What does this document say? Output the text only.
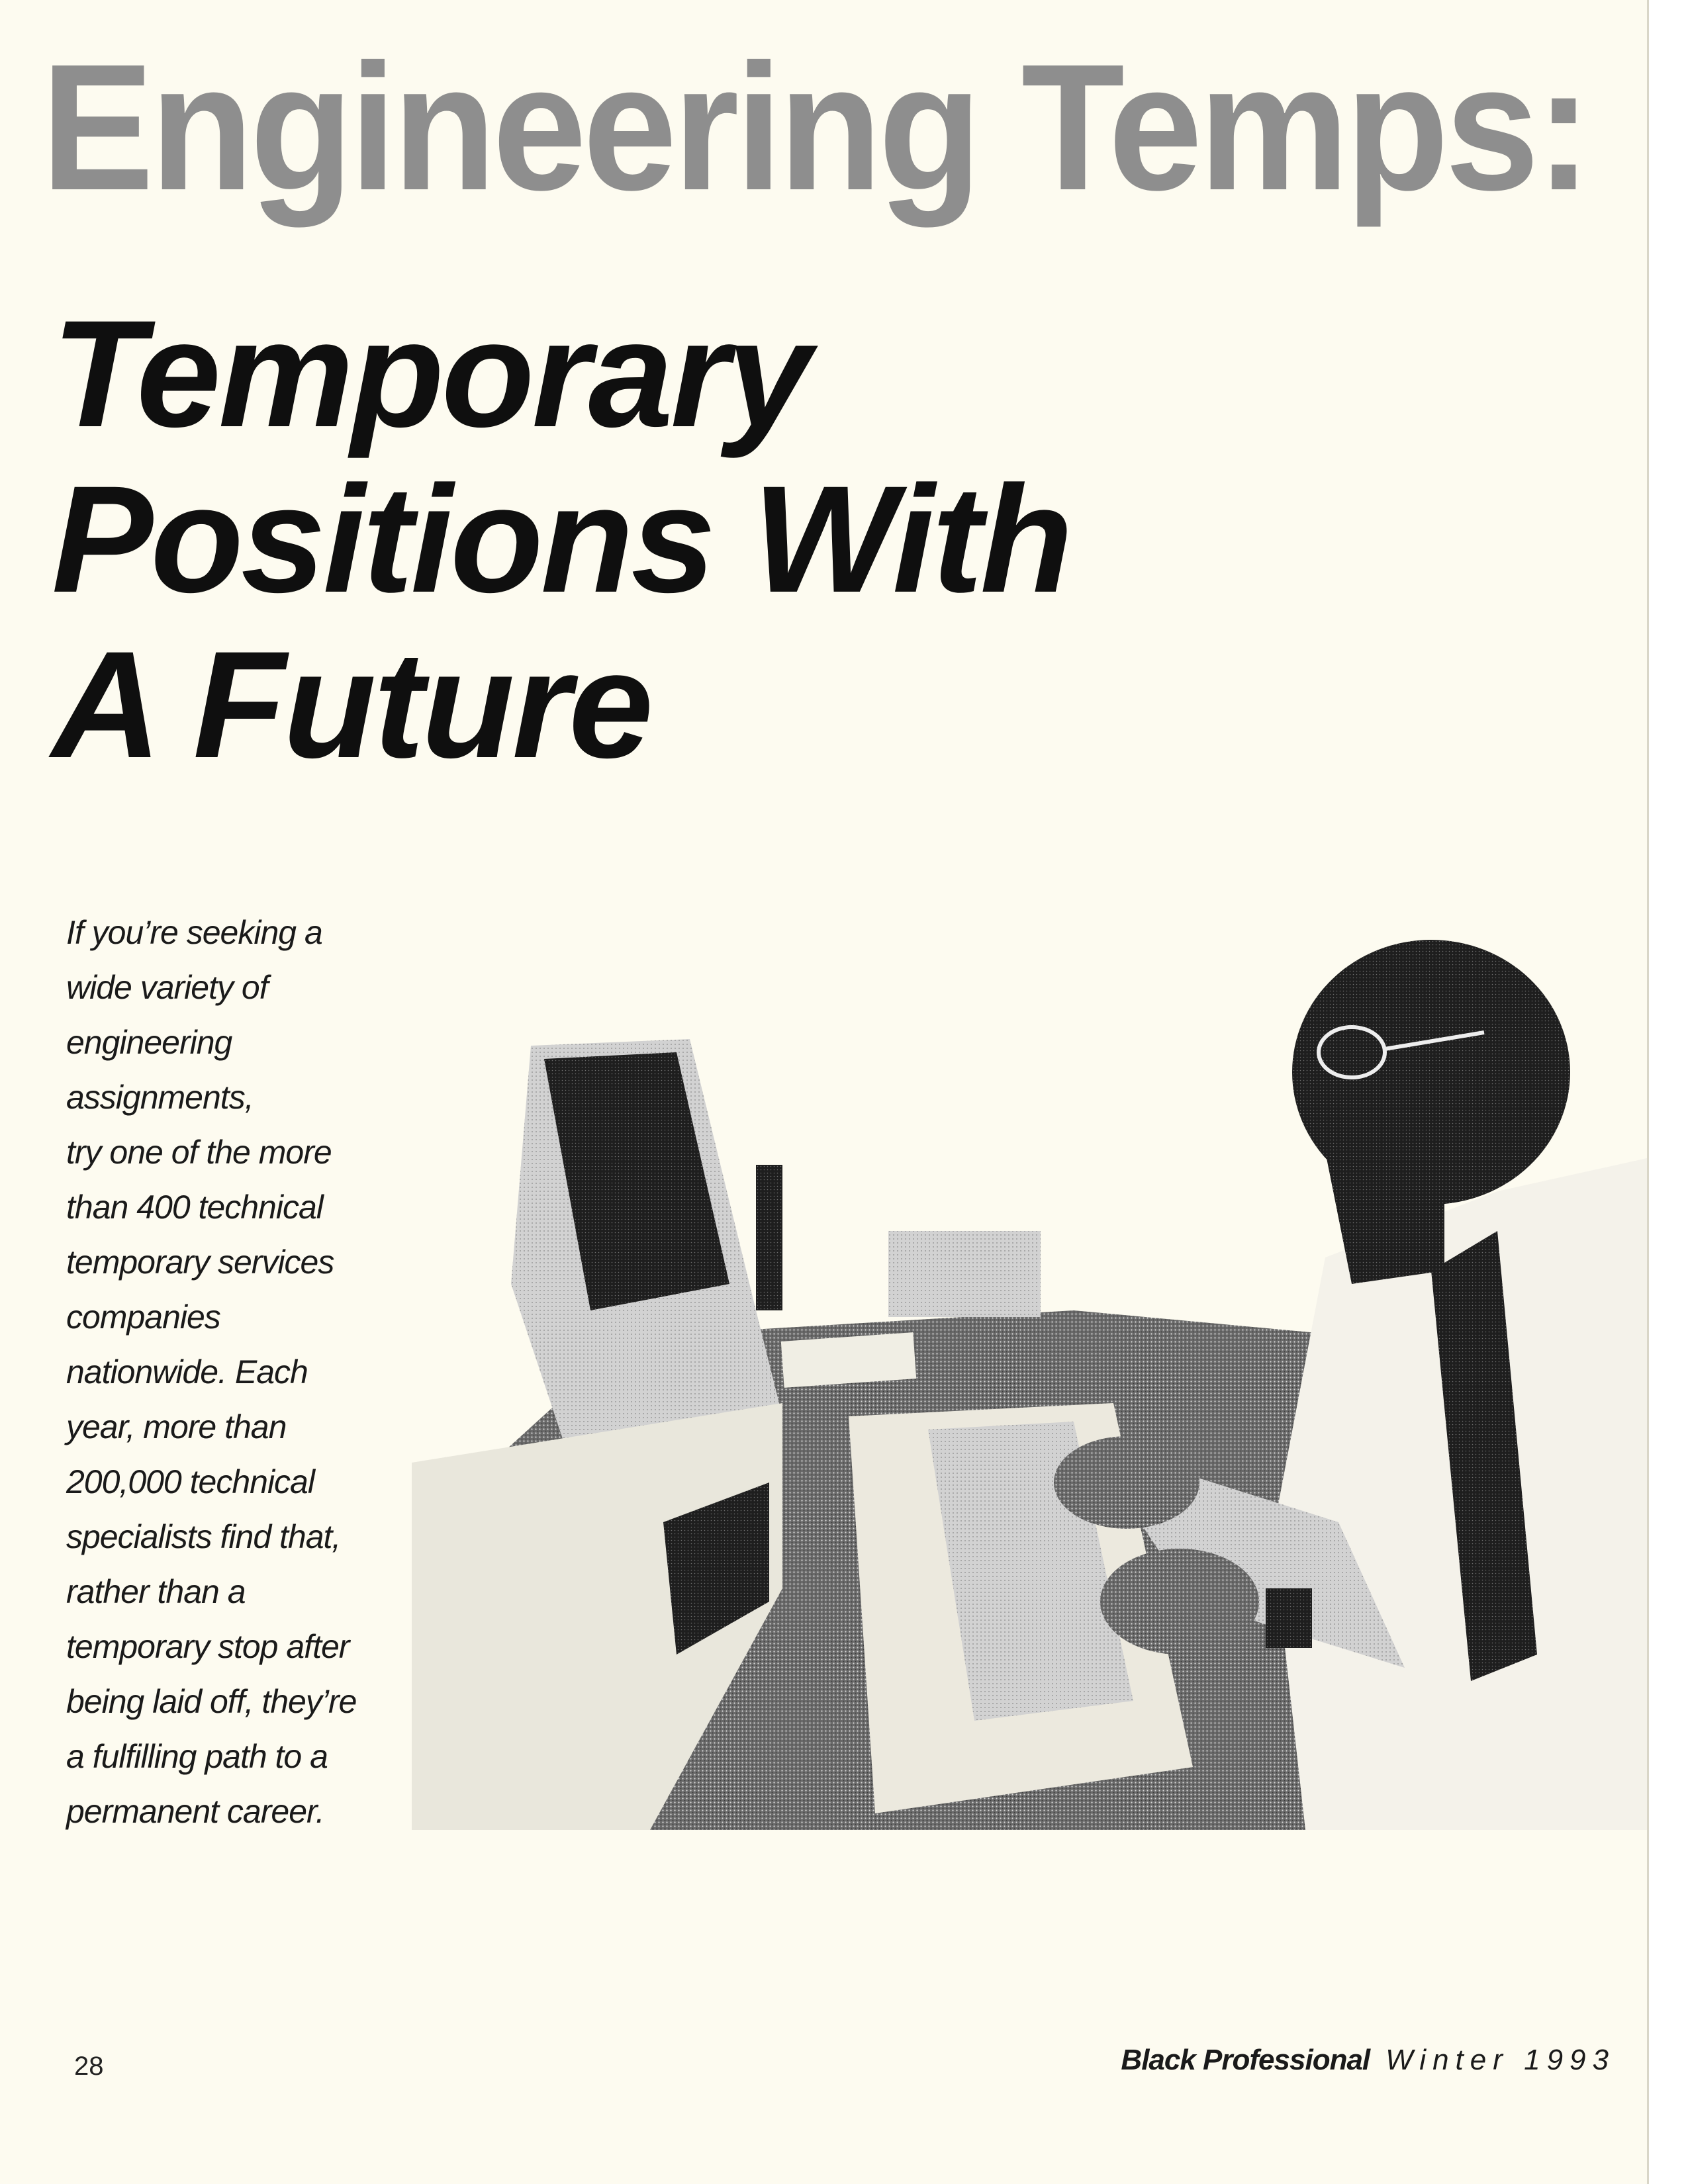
Engineering Temps:
Temporary
Positions With
A Future
If you’re seeking a
wide variety of
engineering
assignments,
try one of the more
than 400 technical
temporary services
companies
nationwide. Each
year, more than
200,000 technical
specialists find that,
rather than a
temporary stop after
being laid off, they’re
a fulfilling path to a
permanent career.
28	Black Professional Winter 1993
